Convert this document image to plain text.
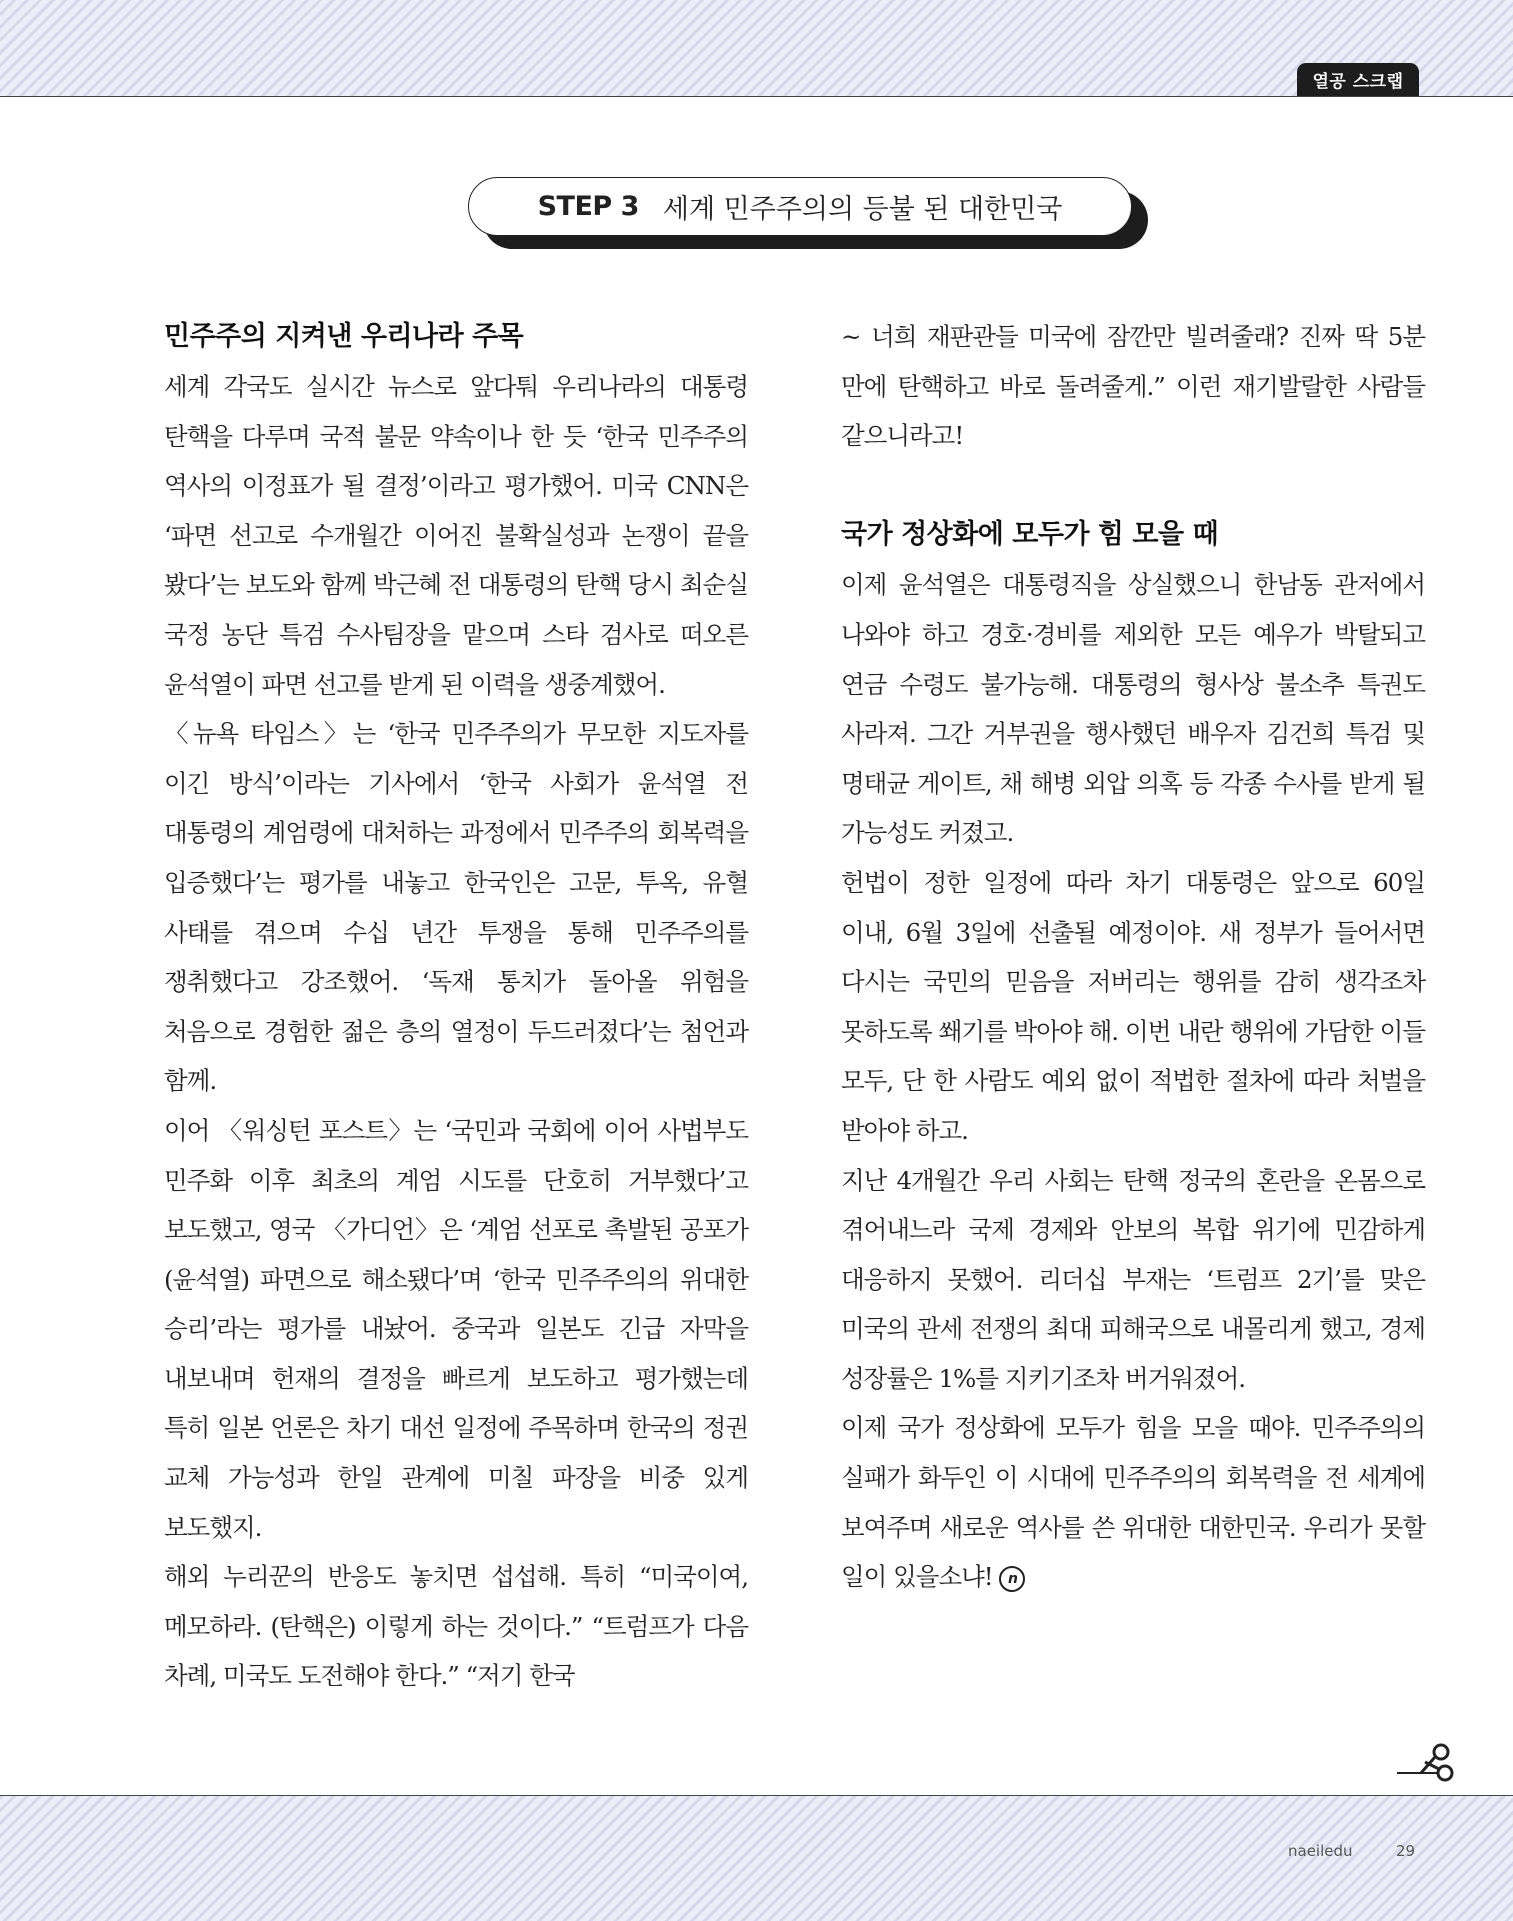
열공 스크랩
STEP 3 세계 민주주의의 등불 된 대한민국
민주주의 지켜낸 우리나라 주목

세계 각국도 실시간 뉴스로 앞다퉈 우리나라의 대통령 탄핵을 다루며 국적 불문 약속이나 한 듯 ‘한국 민주주의 역사의 이정표가 될 결정’이라고 평가했어. 미국 CNN은 ‘파면 선고로 수개월간 이어진 불확실성과 논쟁이 끝을 봤다’는 보도와 함께 박근혜 전 대통령의 탄핵 당시 최순실 국정 농단 특검 수사팀장을 맡으며 스타 검사로 떠오른 윤석열이 파면 선고를 받게 된 이력을 생중계했어.

〈뉴욕 타임스〉는 ‘한국 민주주의가 무모한 지도자를 이긴 방식’이라는 기사에서 ‘한국 사회가 윤석열 전 대통령의 계엄령에 대처하는 과정에서 민주주의 회복력을 입증했다’는 평가를 내놓고 한국인은 고문, 투옥, 유혈 사태를 겪으며 수십 년간 투쟁을 통해 민주주의를 쟁취했다고 강조했어. ‘독재 통치가 돌아올 위험을 처음으로 경험한 젊은 층의 열정이 두드러졌다’는 첨언과 함께.

이어 〈워싱턴 포스트〉는 ‘국민과 국회에 이어 사법부도 민주화 이후 최초의 계엄 시도를 단호히 거부했다’고 보도했고, 영국 〈가디언〉은 ‘계엄 선포로 촉발된 공포가 (윤석열) 파면으로 해소됐다’며 ‘한국 민주주의의 위대한 승리’라는 평가를 내놨어. 중국과 일본도 긴급 자막을 내보내며 헌재의 결정을 빠르게 보도하고 평가했는데 특히 일본 언론은 차기 대선 일정에 주목하며 한국의 정권 교체 가능성과 한일 관계에 미칠 파장을 비중 있게 보도했지.

해외 누리꾼의 반응도 놓치면 섭섭해. 특히 “미국이여, 메모하라. (탄핵은) 이렇게 하는 것이다.” “트럼프가 다음 차례, 미국도 도전해야 한다.” “저기 한국

~ 너희 재판관들 미국에 잠깐만 빌려줄래? 진짜 딱 5분 만에 탄핵하고 바로 돌려줄게.” 이런 재기발랄한 사람들 같으니라고!

국가 정상화에 모두가 힘 모을 때

이제 윤석열은 대통령직을 상실했으니 한남동 관저에서 나와야 하고 경호·경비를 제외한 모든 예우가 박탈되고 연금 수령도 불가능해. 대통령의 형사상 불소추 특권도 사라져. 그간 거부권을 행사했던 배우자 김건희 특검 및 명태균 게이트, 채 해병 외압 의혹 등 각종 수사를 받게 될 가능성도 커졌고.

헌법이 정한 일정에 따라 차기 대통령은 앞으로 60일 이내, 6월 3일에 선출될 예정이야. 새 정부가 들어서면 다시는 국민의 믿음을 저버리는 행위를 감히 생각조차 못하도록 쐐기를 박아야 해. 이번 내란 행위에 가담한 이들 모두, 단 한 사람도 예외 없이 적법한 절차에 따라 처벌을 받아야 하고.

지난 4개월간 우리 사회는 탄핵 정국의 혼란을 온몸으로 겪어내느라 국제 경제와 안보의 복합 위기에 민감하게 대응하지 못했어. 리더십 부재는 ‘트럼프 2기’를 맞은 미국의 관세 전쟁의 최대 피해국으로 내몰리게 했고, 경제 성장률은 1%를 지키기조차 버거워졌어.

이제 국가 정상화에 모두가 힘을 모을 때야. 민주주의의 실패가 화두인 이 시대에 민주주의의 회복력을 전 세계에 보여주며 새로운 역사를 쓴 위대한 대한민국. 우리가 못할 일이 있을소냐! n

naeiledu	29
